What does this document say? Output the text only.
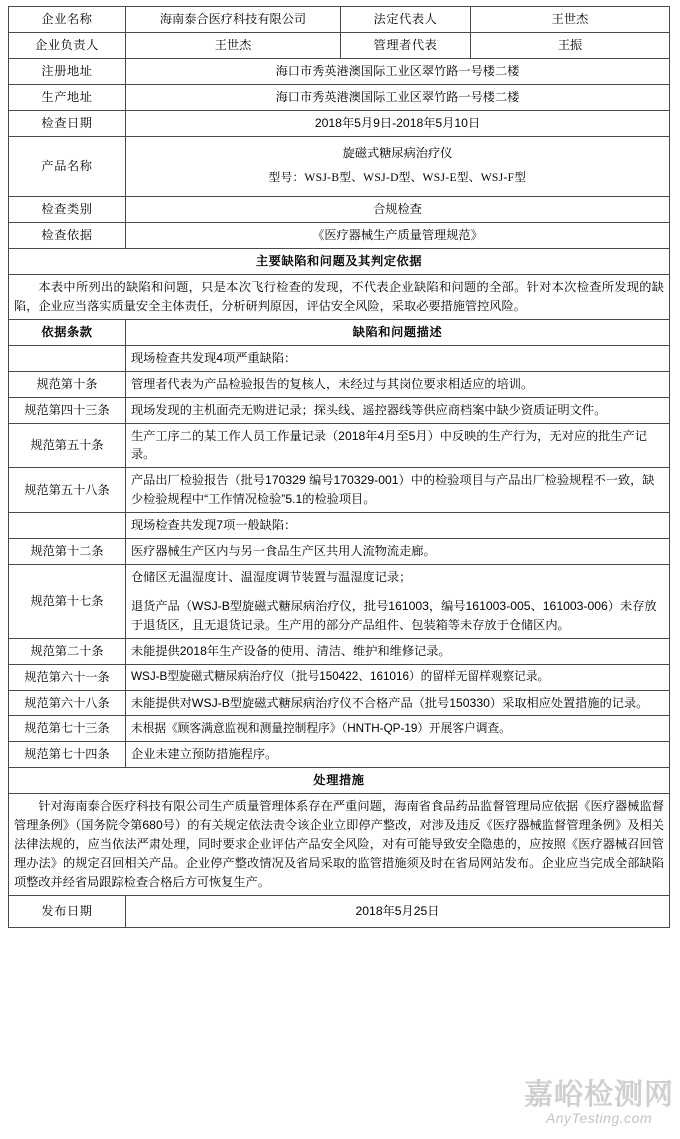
企业名称	海南泰合医疗科技有限公司	法定代表人	王世杰
企业负责人	王世杰	管理者代表	王振
注册地址	海口市秀英港澳国际工业区翠竹路一号楼二楼		
生产地址	海口市秀英港澳国际工业区翠竹路一号楼二楼		
检查日期	2018年5月9日-2018年5月10日		
产品名称	旋磁式糖尿病治疗仪
型号：WSJ-B型、WSJ-D型、WSJ-E型、WSJ-F型		

检查类别	合规检查		
检查依据	《医疗器械生产质量管理规范》		
主要缺陷和问题及其判定依据			
本表中所列出的缺陷和问题，只是本次飞行检查的发现，不代表企业缺陷和问题的全部。针对本次检查所发现的缺陷，企业应当落实质量安全主体责任，分析研判原因，评估安全风险，采取必要措施管控风险。			
依据条款	缺陷和问题描述		
	现场检查共发现4项严重缺陷：		
规范第十条	管理者代表为产品检验报告的复核人，未经过与其岗位要求相适应的培训。		
规范第四十三条	现场发现的主机面壳无购进记录；探头线、遥控器线等供应商档案中缺少资质证明文件。		
规范第五十条	生产工序二的某工作人员工作量记录（2018年4月至5月）中反映的生产行为，无对应的批生产记录。		
规范第五十八条	产品出厂检验报告（批号170329 编号170329-001）中的检验项目与产品出厂检验规程不一致，缺少检验规程中“工作情况检验”5.1的检验项目。		
	现场检查共发现7项一般缺陷：		
规范第十二条	医疗器械生产区内与另一食品生产区共用人流物流走廊。		
规范第十七条	仓储区无温湿度计、温湿度调节装置与温湿度记录；

退货产品（WSJ-B型旋磁式糖尿病治疗仪，批号161003，编号161003-005、161003-006）未存放于退货区，且无退货记录。生产用的部分产品组件、包装箱等未存放于仓储区内。		

规范第二十条	未能提供2018年生产设备的使用、清洁、维护和维修记录。		
规范第六十一条	WSJ-B型旋磁式糖尿病治疗仪（批号150422、161016）的留样无留样观察记录。		
规范第六十八条	未能提供对WSJ-B型旋磁式糖尿病治疗仪不合格产品（批号150330）采取相应处置措施的记录。		
规范第七十三条	未根据《顾客满意监视和测量控制程序》（HNTH-QP-19）开展客户调查。		
规范第七十四条	企业未建立预防措施程序。		
处理措施			
针对海南泰合医疗科技有限公司生产质量管理体系存在严重问题，海南省食品药品监督管理局应依据《医疗器械监督管理条例》（国务院令第680号）的有关规定依法责令该企业立即停产整改，对涉及违反《医疗器械监督管理条例》及相关法律法规的，应当依法严肃处理，同时要求企业评估产品安全风险，对有可能导致安全隐患的，应按照《医疗器械召回管理办法》的规定召回相关产品。企业停产整改情况及省局采取的监管措施须及时在省局网站发布。企业应当完成全部缺陷项整改并经省局跟踪检查合格后方可恢复生产。			
发布日期	2018年5月25日		
嘉峪检测网
AnyTesting.com
